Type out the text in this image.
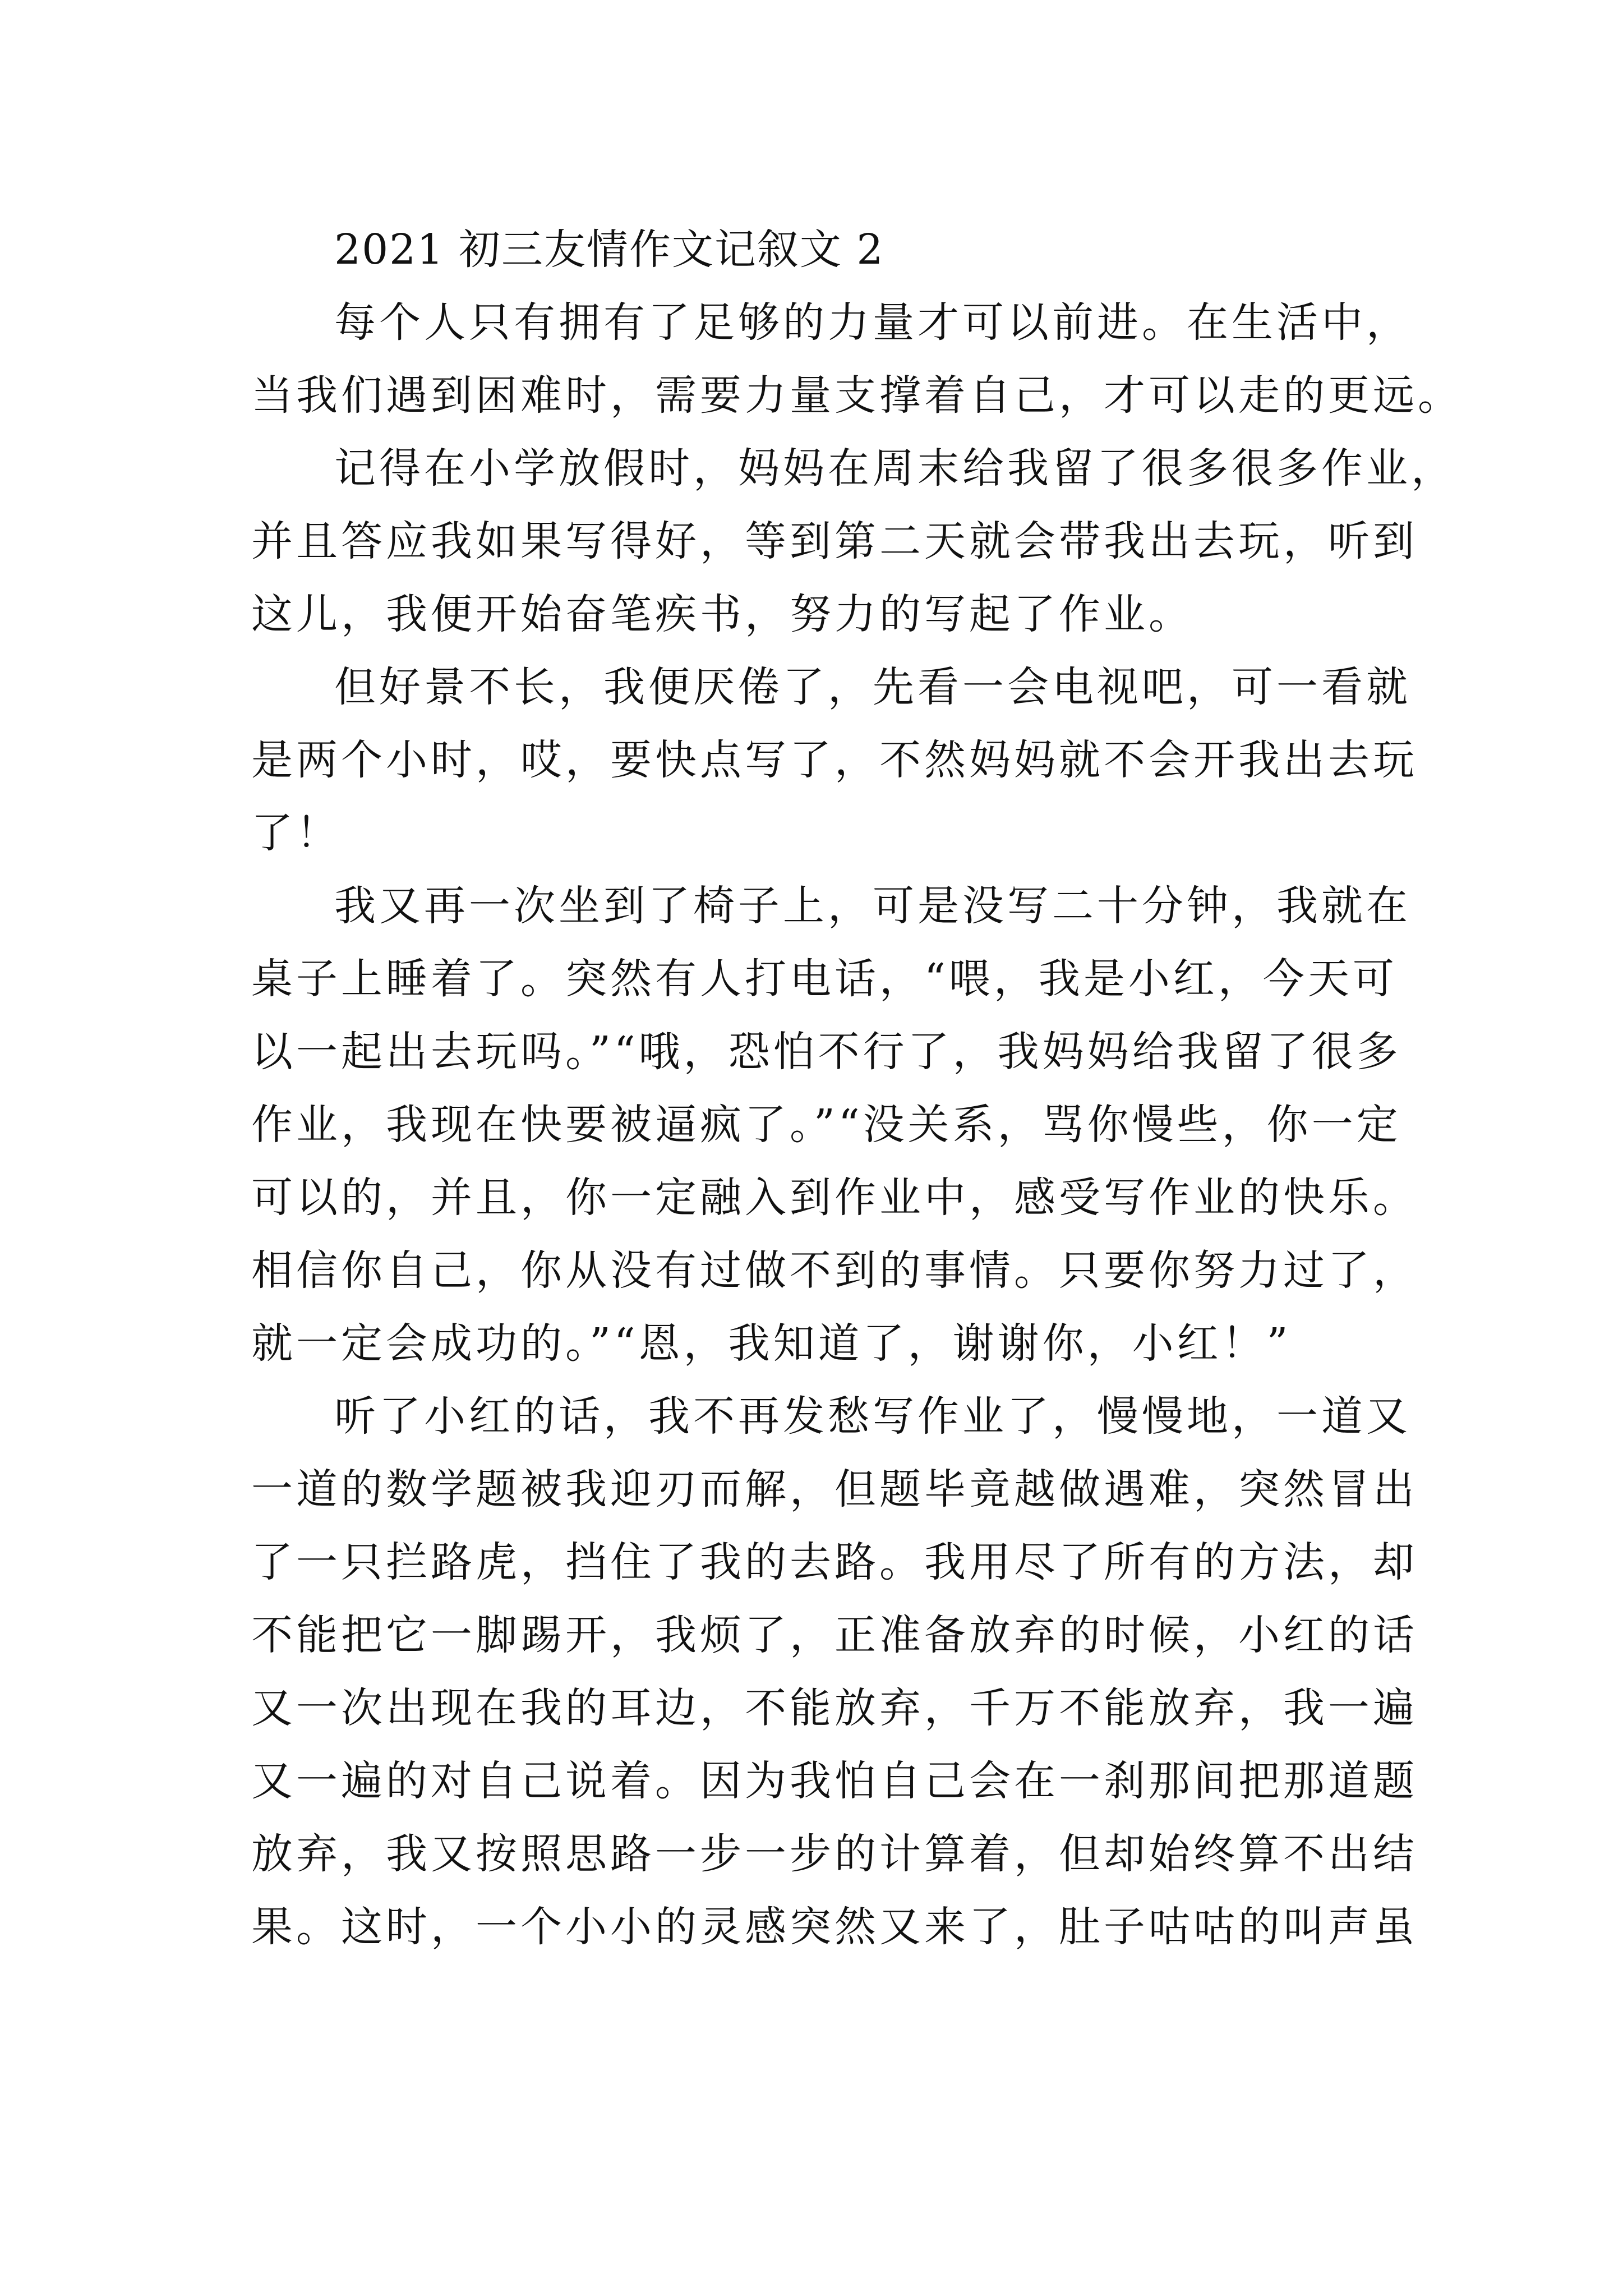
2021 初三友情作文记叙文 2

每个人只有拥有了足够的力量才可以前进。在生活中，
当我们遇到困难时，需要力量支撑着自己，才可以走的更远。

记得在小学放假时，妈妈在周末给我留了很多很多作业，
并且答应我如果写得好，等到第二天就会带我出去玩，听到
这儿，我便开始奋笔疾书，努力的写起了作业。

但好景不长，我便厌倦了，先看一会电视吧，可一看就
是两个小时，哎，要快点写了，不然妈妈就不会开我出去玩
了！

我又再一次坐到了椅子上，可是没写二十分钟，我就在
桌子上睡着了。突然有人打电话，“喂，我是小红，今天可
以一起出去玩吗。”“哦，恐怕不行了，我妈妈给我留了很多
作业，我现在快要被逼疯了。”“没关系，骂你慢些，你一定
可以的，并且，你一定融入到作业中，感受写作业的快乐。
相信你自己，你从没有过做不到的事情。只要你努力过了，
就一定会成功的。”“恩，我知道了，谢谢你，小红！”

听了小红的话，我不再发愁写作业了，慢慢地，一道又
一道的数学题被我迎刃而解，但题毕竟越做遇难，突然冒出
了一只拦路虎，挡住了我的去路。我用尽了所有的方法，却
不能把它一脚踢开，我烦了，正准备放弃的时候，小红的话
又一次出现在我的耳边，不能放弃，千万不能放弃，我一遍
又一遍的对自己说着。因为我怕自己会在一刹那间把那道题
放弃，我又按照思路一步一步的计算着，但却始终算不出结
果。这时，一个小小的灵感突然又来了，肚子咕咕的叫声虽
